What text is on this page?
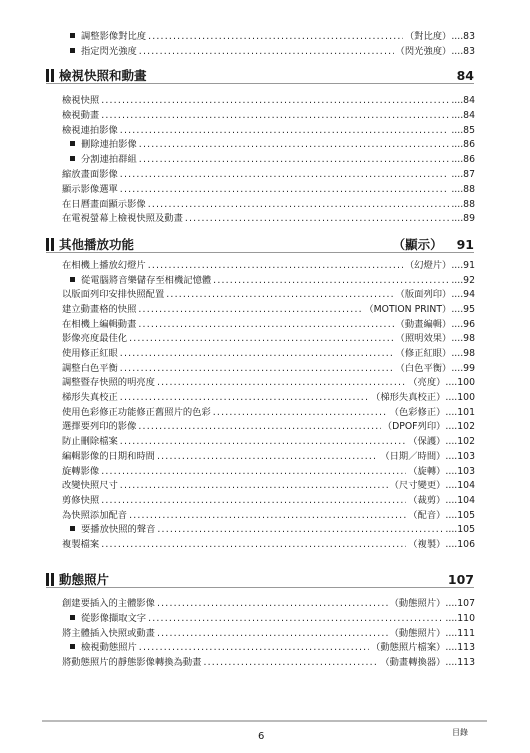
調整影像對比度 .....	（對比度）....83
指定閃光強度 .....	（閃光強度）....83
檢視快照和動畫	84
檢視快照 .....	....84
檢視動畫 .....	....84
檢視連拍影像 .....	....85
刪除連拍影像 .....	....86
分割連拍群組 .....	....86
縮放畫面影像 .....	....87
顯示影像選單 .....	....88
在日曆畫面顯示影像 .....	....88
在電視螢幕上檢視快照及動畫 .....	....89
其他播放功能	（顯示） 91
在相機上播放幻燈片 .....	（幻燈片）....91
從電腦將音樂儲存至相機記憶體 .....	....92
以版面列印安排快照配置 .....	（版面列印）....94
建立動畫格的快照 .....	（MOTION PRINT）....95
在相機上編輯動畫 .....	（動畫編輯）....96
影像亮度最佳化 .....	（照明效果）....98
使用修正紅眼 .....	（修正紅眼）....98
調整白色平衡 .....	（白色平衡）....99
調整暨存快照的明亮度 .....	（亮度）....100
梯形失真校正 .....	（梯形失真校正）....100
使用色彩修正功能修正舊照片的色彩 .....	（色彩修正）....101
選擇要列印的影像 .....	（DPOF列印）....102
防止刪除檔案 .....	（保護）....102
編輯影像的日期和時間 .....	（日期／時間）....103
旋轉影像 .....	（旋轉）....103
改變快照尺寸 .....	（尺寸變更）....104
剪修快照 .....	（裁剪）....104
為快照添加配音 .....	（配音）....105
要播放快照的聲音 .....	....105
複製檔案 .....	（複製）....106
動態照片	107
創建要插入的主體影像 .....	（動態照片）....107
從影像擷取文字 .....	....110
將主體插入快照或動畫 .....	（動態照片）....111
檢視動態照片 .....	（動態照片檔案）....113
將動態照片的靜態影像轉換為動畫 .....	（動畫轉換器）....113
6	目錄
